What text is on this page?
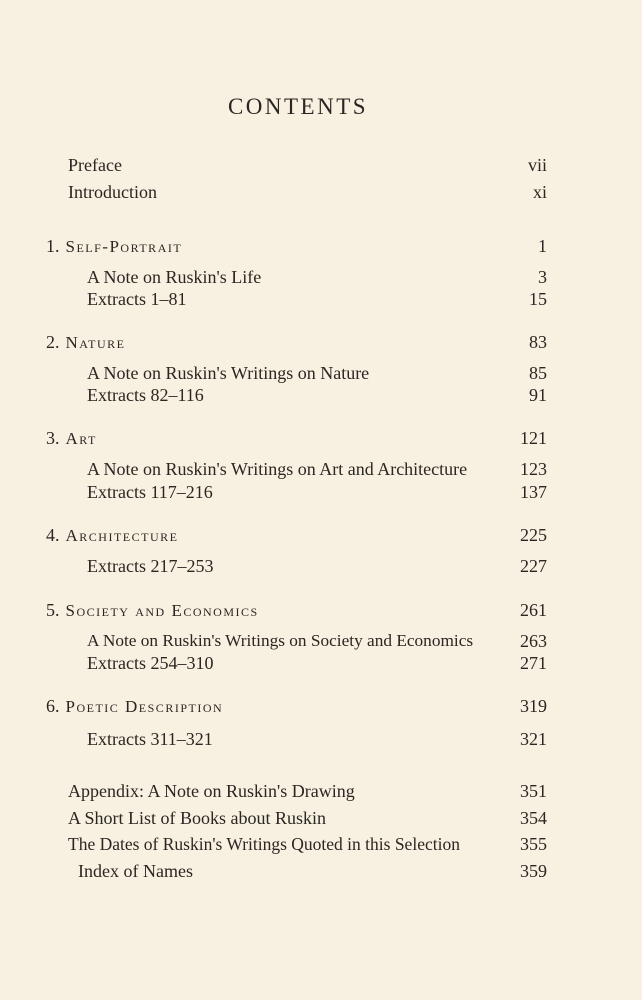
CONTENTS
Preface	vii
Introduction	xi
1. Self-Portrait	1
A Note on Ruskin's Life	3
Extracts 1–81	15
2. Nature	83
A Note on Ruskin's Writings on Nature	85
Extracts 82–116	91
3. Art	121
A Note on Ruskin's Writings on Art and Architecture	123
Extracts 117–216	137
4. Architecture	225
Extracts 217–253	227
5. Society and Economics	261
A Note on Ruskin's Writings on Society and Economics	263
Extracts 254–310	271
6. Poetic Description	319
Extracts 311–321	321
Appendix: A Note on Ruskin's Drawing	351
A Short List of Books about Ruskin	354
The Dates of Ruskin's Writings Quoted in this Selection	355
Index of Names	359
